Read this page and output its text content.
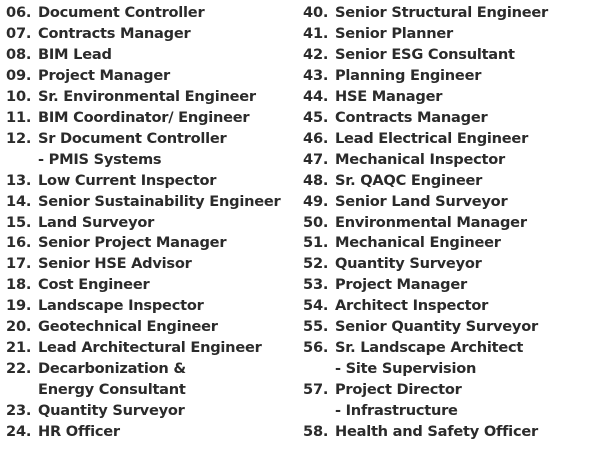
06. Document Controller
07. Contracts Manager
08. BIM Lead
09. Project Manager
10. Sr. Environmental Engineer
11. BIM Coordinator/ Engineer
12. Sr Document Controller
- PMIS Systems
13. Low Current Inspector
14. Senior Sustainability Engineer
15. Land Surveyor
16. Senior Project Manager
17. Senior HSE Advisor
18. Cost Engineer
19. Landscape Inspector
20. Geotechnical Engineer
21. Lead Architectural Engineer
22. Decarbonization &
Energy Consultant
23. Quantity Surveyor
24. HR Officer
40. Senior Structural Engineer
41. Senior Planner
42. Senior ESG Consultant
43. Planning Engineer
44. HSE Manager
45. Contracts Manager
46. Lead Electrical Engineer
47. Mechanical Inspector
48. Sr. QAQC Engineer
49. Senior Land Surveyor
50. Environmental Manager
51. Mechanical Engineer
52. Quantity Surveyor
53. Project Manager
54. Architect Inspector
55. Senior Quantity Surveyor
56. Sr. Landscape Architect
- Site Supervision
57. Project Director
- Infrastructure
58. Health and Safety Officer
